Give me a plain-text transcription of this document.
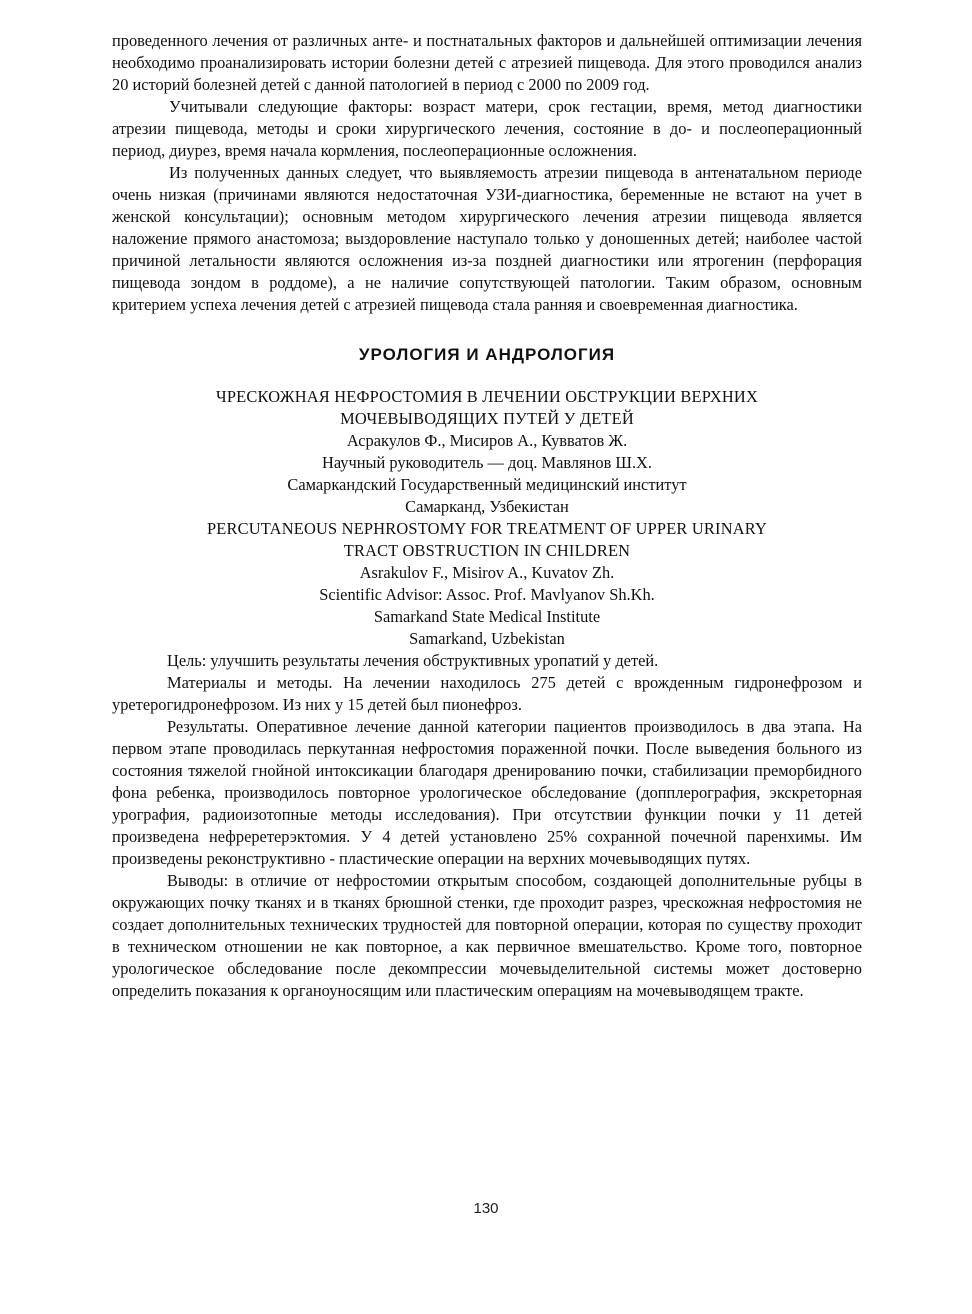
проведенного лечения от различных анте- и постнатальных факторов и дальнейшей оптимизации лечения необходимо проанализировать истории болезни детей с атрезией пищевода. Для этого проводился анализ 20 историй болезней детей с данной патологией в период с 2000 по 2009 год.

Учитывали следующие факторы: возраст матери, срок гестации, время, метод диагностики атрезии пищевода, методы и сроки хирургического лечения, состояние в до- и послеоперационный период, диурез, время начала кормления, послеоперационные осложнения.

Из полученных данных следует, что выявляемость атрезии пищевода в антенатальном периоде очень низкая (причинами являются недостаточная УЗИ-диагностика, беременные не встают на учет в женской консультации); основным методом хирургического лечения атрезии пищевода является наложение прямого анастомоза; выздоровление наступало только у доношенных детей; наиболее частой причиной летальности являются осложнения из-за поздней диагностики или ятрогенин (перфорация пищевода зондом в роддоме), а не наличие сопутствующей патологии. Таким образом, основным критерием успеха лечения детей с атрезией пищевода стала ранняя и своевременная диагностика.

УРОЛОГИЯ И АНДРОЛОГИЯ

ЧРЕСКОЖНАЯ НЕФРОСТОМИЯ В ЛЕЧЕНИИ ОБСТРУКЦИИ ВЕРХНИХ
МОЧЕВЫВОДЯЩИХ ПУТЕЙ У ДЕТЕЙ

Асракулов Ф., Мисиров А., Кувватов Ж.

Научный руководитель — доц. Мавлянов Ш.Х.

Самаркандский Государственный медицинский институт

Самарканд, Узбекистан

PERCUTANEOUS NEPHROSTOMY FOR TREATMENT OF UPPER URINARY
TRACT OBSTRUCTION IN CHILDREN

Asrakulov F., Misirov A., Kuvatov Zh.

Scientific Advisor: Assoc. Prof. Mavlyanov Sh.Kh.

Samarkand State Medical Institute

Samarkand, Uzbekistan

Цель: улучшить результаты лечения обструктивных уропатий у детей.

Материалы и методы. На лечении находилось 275 детей с врожденным гидронефрозом и уретерогидронефрозом. Из них у 15 детей был пионефроз.

Результаты. Оперативное лечение данной категории пациентов производилось в два этапа. На первом этапе проводилась перкутанная нефростомия пораженной почки. После выведения больного из состояния тяжелой гнойной интоксикации благодаря дренированию почки, стабилизации преморбидного фона ребенка, производилось повторное урологическое обследование (допплерография, экскреторная урография, радиоизотопные методы исследования). При отсутствии функции почки у 11 детей произведена нефреретерэктомия. У 4 детей установлено 25% сохранной почечной паренхимы. Им произведены реконструктивно - пластические операции на верхних мочевыводящих путях.

Выводы: в отличие от нефростомии открытым способом, создающей дополнительные рубцы в окружающих почку тканях и в тканях брюшной стенки, где проходит разрез, чрескожная нефростомия не создает дополнительных технических трудностей для повторной операции, которая по существу проходит в техническом отношении не как повторное, а как первичное вмешательство. Кроме того, повторное урологическое обследование после декомпрессии мочевыделительной системы может достоверно определить показания к органоуносящим или пластическим операциям на мочевыводящем тракте.

130
